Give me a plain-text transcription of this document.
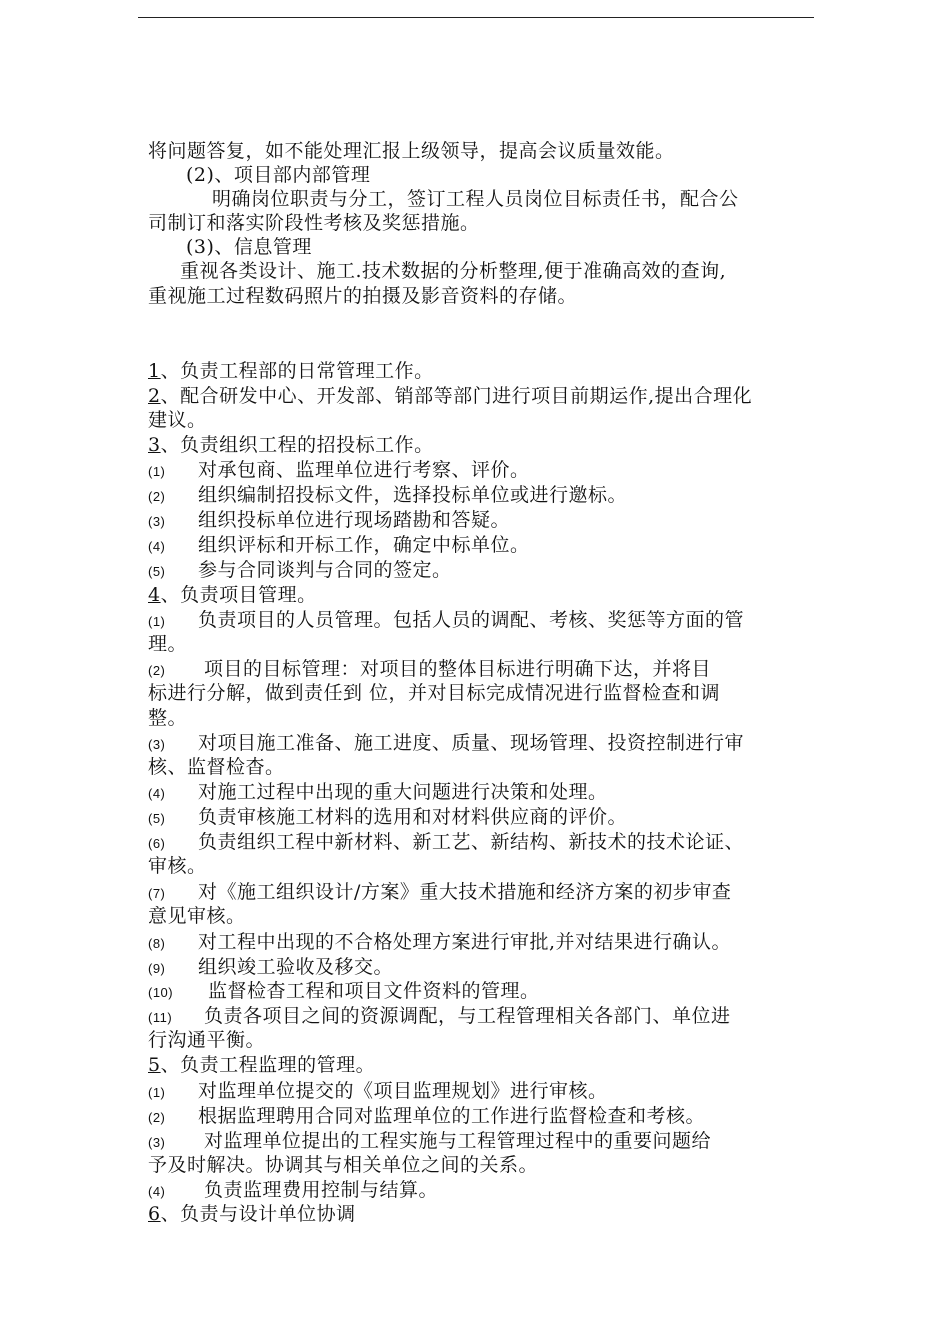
将问题答复，如不能处理汇报上级领导，提高会议质量效能。
(2)、项目部内部管理
明确岗位职责与分工，签订工程人员岗位目标责任书，配合公
司制订和落实阶段性考核及奖惩措施。
(3)、信息管理
重视各类设计、施工.技术数据的分析整理,便于准确高效的查询,
重视施工过程数码照片的拍摄及影音资料的存储。
1、负责工程部的日常管理工作。
2、配合研发中心、开发部、销部等部门进行项目前期运作,提出合理化
建议。
3、负责组织工程的招投标工作。
(1) 对承包商、监理单位进行考察、评价。
(2) 组织编制招投标文件，选择投标单位或进行邀标。
(3) 组织投标单位进行现场踏勘和答疑。
(4) 组织评标和开标工作，确定中标单位。
(5) 参与合同谈判与合同的签定。
4、负责项目管理。
(1) 负责项目的人员管理。包括人员的调配、考核、奖惩等方面的管
理。
(2) 项目的目标管理：对项目的整体目标进行明确下达，并将目
标进行分解，做到责任到 位，并对目标完成情况进行监督检查和调
整。
(3) 对项目施工准备、施工进度、质量、现场管理、投资控制进行审
核、监督检杳。
(4) 对施工过程中出现的重大问题进行决策和处理。
(5) 负责审核施工材料的选用和对材料供应商的评价。
(6) 负责组织工程中新材料、新工艺、新结构、新技术的技术论证、
审核。
(7) 对《施工组织设计/方案》重大技术措施和经济方案的初步审查
意见审核。
(8) 对工程中出现的不合格处理方案进行审批,并对结果进行确认。
(9) 组织竣工验收及移交。
(10) 监督检杳工程和项目文件资料的管理。
(11) 负责各项目之间的资源调配，与工程管理相关各部门、单位进
行沟通平衡。
5、负责工程监理的管理。
(1) 对监理单位提交的《项目监理规划》进行审核。
(2) 根据监理聘用合同对监理单位的工作进行监督检查和考核。
(3) 对监理单位提出的工程实施与工程管理过程中的重要问题给
予及时解决。协调其与相关单位之间的关系。
(4) 负责监理费用控制与结算。
6、负责与设计单位协调
